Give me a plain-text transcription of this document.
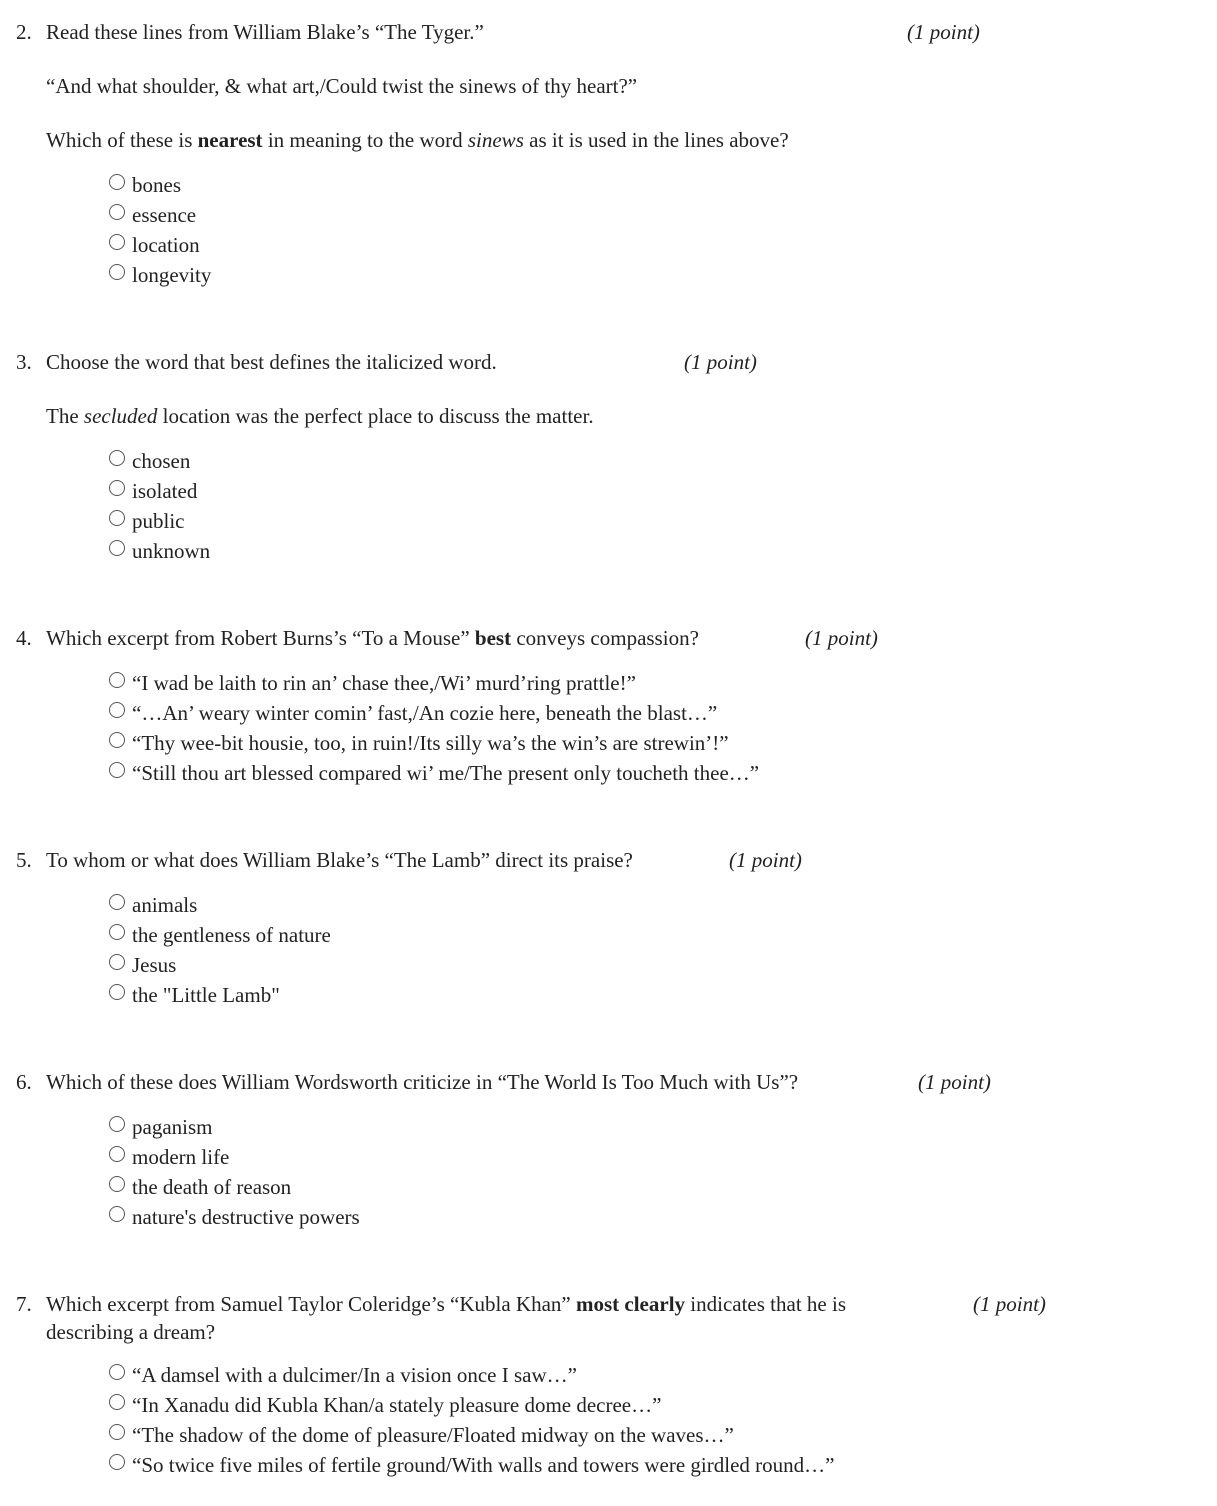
2. Read these lines from William Blake’s “The Tyger.”	(1 point)
“And what shoulder, & what art,/Could twist the sinews of thy heart?”
Which of these is nearest in meaning to the word sinews as it is used in the lines above?
bones
essence
location
longevity
3. Choose the word that best defines the italicized word.	(1 point)
The secluded location was the perfect place to discuss the matter.
chosen
isolated
public
unknown
4. Which excerpt from Robert Burns’s “To a Mouse” best conveys compassion?	(1 point)
“I wad be laith to rin an’ chase thee,/Wi’ murd’ring prattle!”
“…An’ weary winter comin’ fast,/An cozie here, beneath the blast…”
“Thy wee-bit housie, too, in ruin!/Its silly wa’s the win’s are strewin’!”
“Still thou art blessed compared wi’ me/The present only toucheth thee…”
5. To whom or what does William Blake’s “The Lamb” direct its praise?	(1 point)
animals
the gentleness of nature
Jesus
the "Little Lamb"
6. Which of these does William Wordsworth criticize in “The World Is Too Much with Us”?	(1 point)
paganism
modern life
the death of reason
nature's destructive powers
7. Which excerpt from Samuel Taylor Coleridge’s “Kubla Khan” most clearly indicates that he is
describing a dream?
(1 point)
“A damsel with a dulcimer/In a vision once I saw…”
“In Xanadu did Kubla Khan/a stately pleasure dome decree…”
“The shadow of the dome of pleasure/Floated midway on the waves…”
“So twice five miles of fertile ground/With walls and towers were girdled round…”
